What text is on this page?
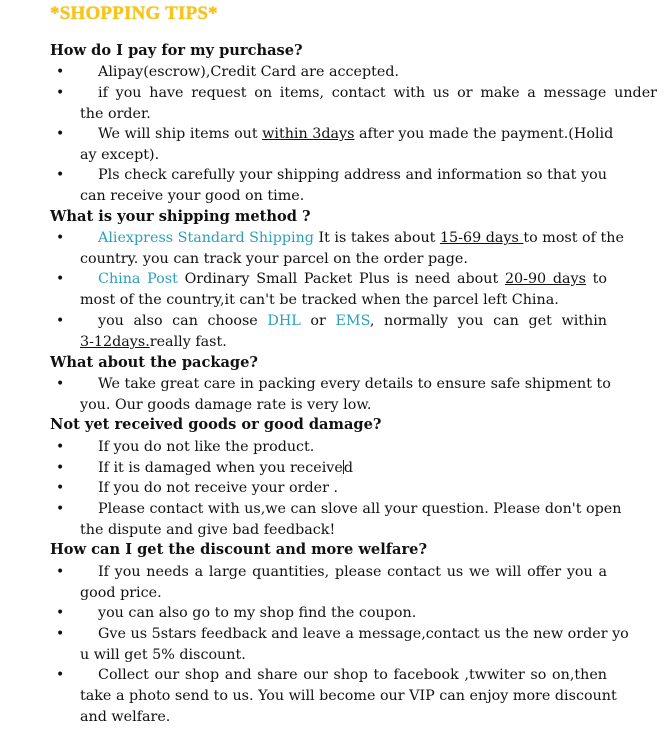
*SHOPPING TIPS*
How do I pay for my purchase?
•	Alipay(escrow),Credit Card are accepted.
•	if you have request on items, contact with us or make a message under
the order.
•	We will ship items out within 3days after you made the payment.(Holid
ay except).
•	Pls check carefully your shipping address and information so that you
can receive your good on time.
What is your shipping method ?
•	Aliexpress Standard Shipping It is takes about 15-69 days to most of the
country. you can track your parcel on the order page.
•	China Post Ordinary Small Packet Plus is need about 20-90 days to
most of the country,it can't be tracked when the parcel left China.
•	you also can choose DHL or EMS, normally you can get within
3-12days.really fast.
What about the package?
•	We take great care in packing every details to ensure safe shipment to
you. Our goods damage rate is very low.
Not yet received goods or good damage?
•	If you do not like the product.
•	If it is damaged when you received
•	If you do not receive your order .
•	Please contact with us,we can slove all your question. Please don't open
the dispute and give bad feedback!
How can I get the discount and more welfare?
•	If you needs a large quantities, please contact us we will offer you a
good price.
•	you can also go to my shop find the coupon.
•	Gve us 5stars feedback and leave a message,contact us the new order yo
u will get 5% discount.
•	Collect our shop and share our shop to facebook ,twwiter so on,then
take a photo send to us. You will become our VIP can enjoy more discount
and welfare.
